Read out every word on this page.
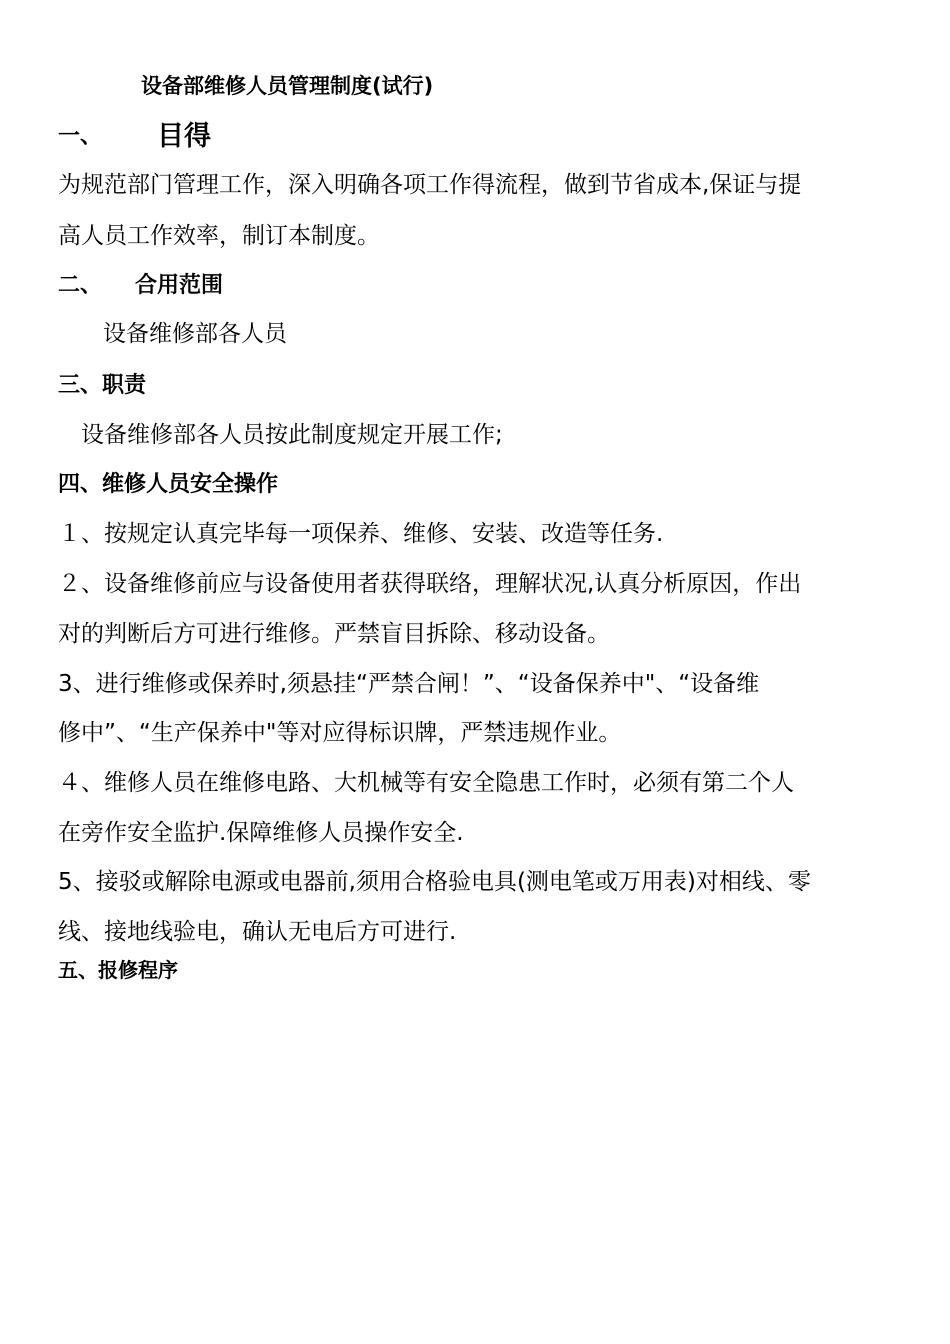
设备部维修人员管理制度(试行)
一、 目得
为规范部门管理工作，深入明确各项工作得流程，做到节省成本,保证与提
高人员工作效率，制订本制度。
二、 合用范围
设备维修部各人员
三、职责
设备维修部各人员按此制度规定开展工作;
四、维修人员安全操作
１、按规定认真完毕每一项保养、维修、安装、改造等任务.
２、设备维修前应与设备使用者获得联络，理解状况,认真分析原因，作出
对的判断后方可进行维修。严禁盲目拆除、移动设备。
3、进行维修或保养时,须悬挂“严禁合闸！”、“设备保养中"、“设备维
修中”、“生产保养中"等对应得标识牌，严禁违规作业。
４、维修人员在维修电路、大机械等有安全隐患工作时，必须有第二个人
在旁作安全监护.保障维修人员操作安全.
5、接驳或解除电源或电器前,须用合格验电具(测电笔或万用表)对相线、零
线、接地线验电，确认无电后方可进行.
五、报修程序
